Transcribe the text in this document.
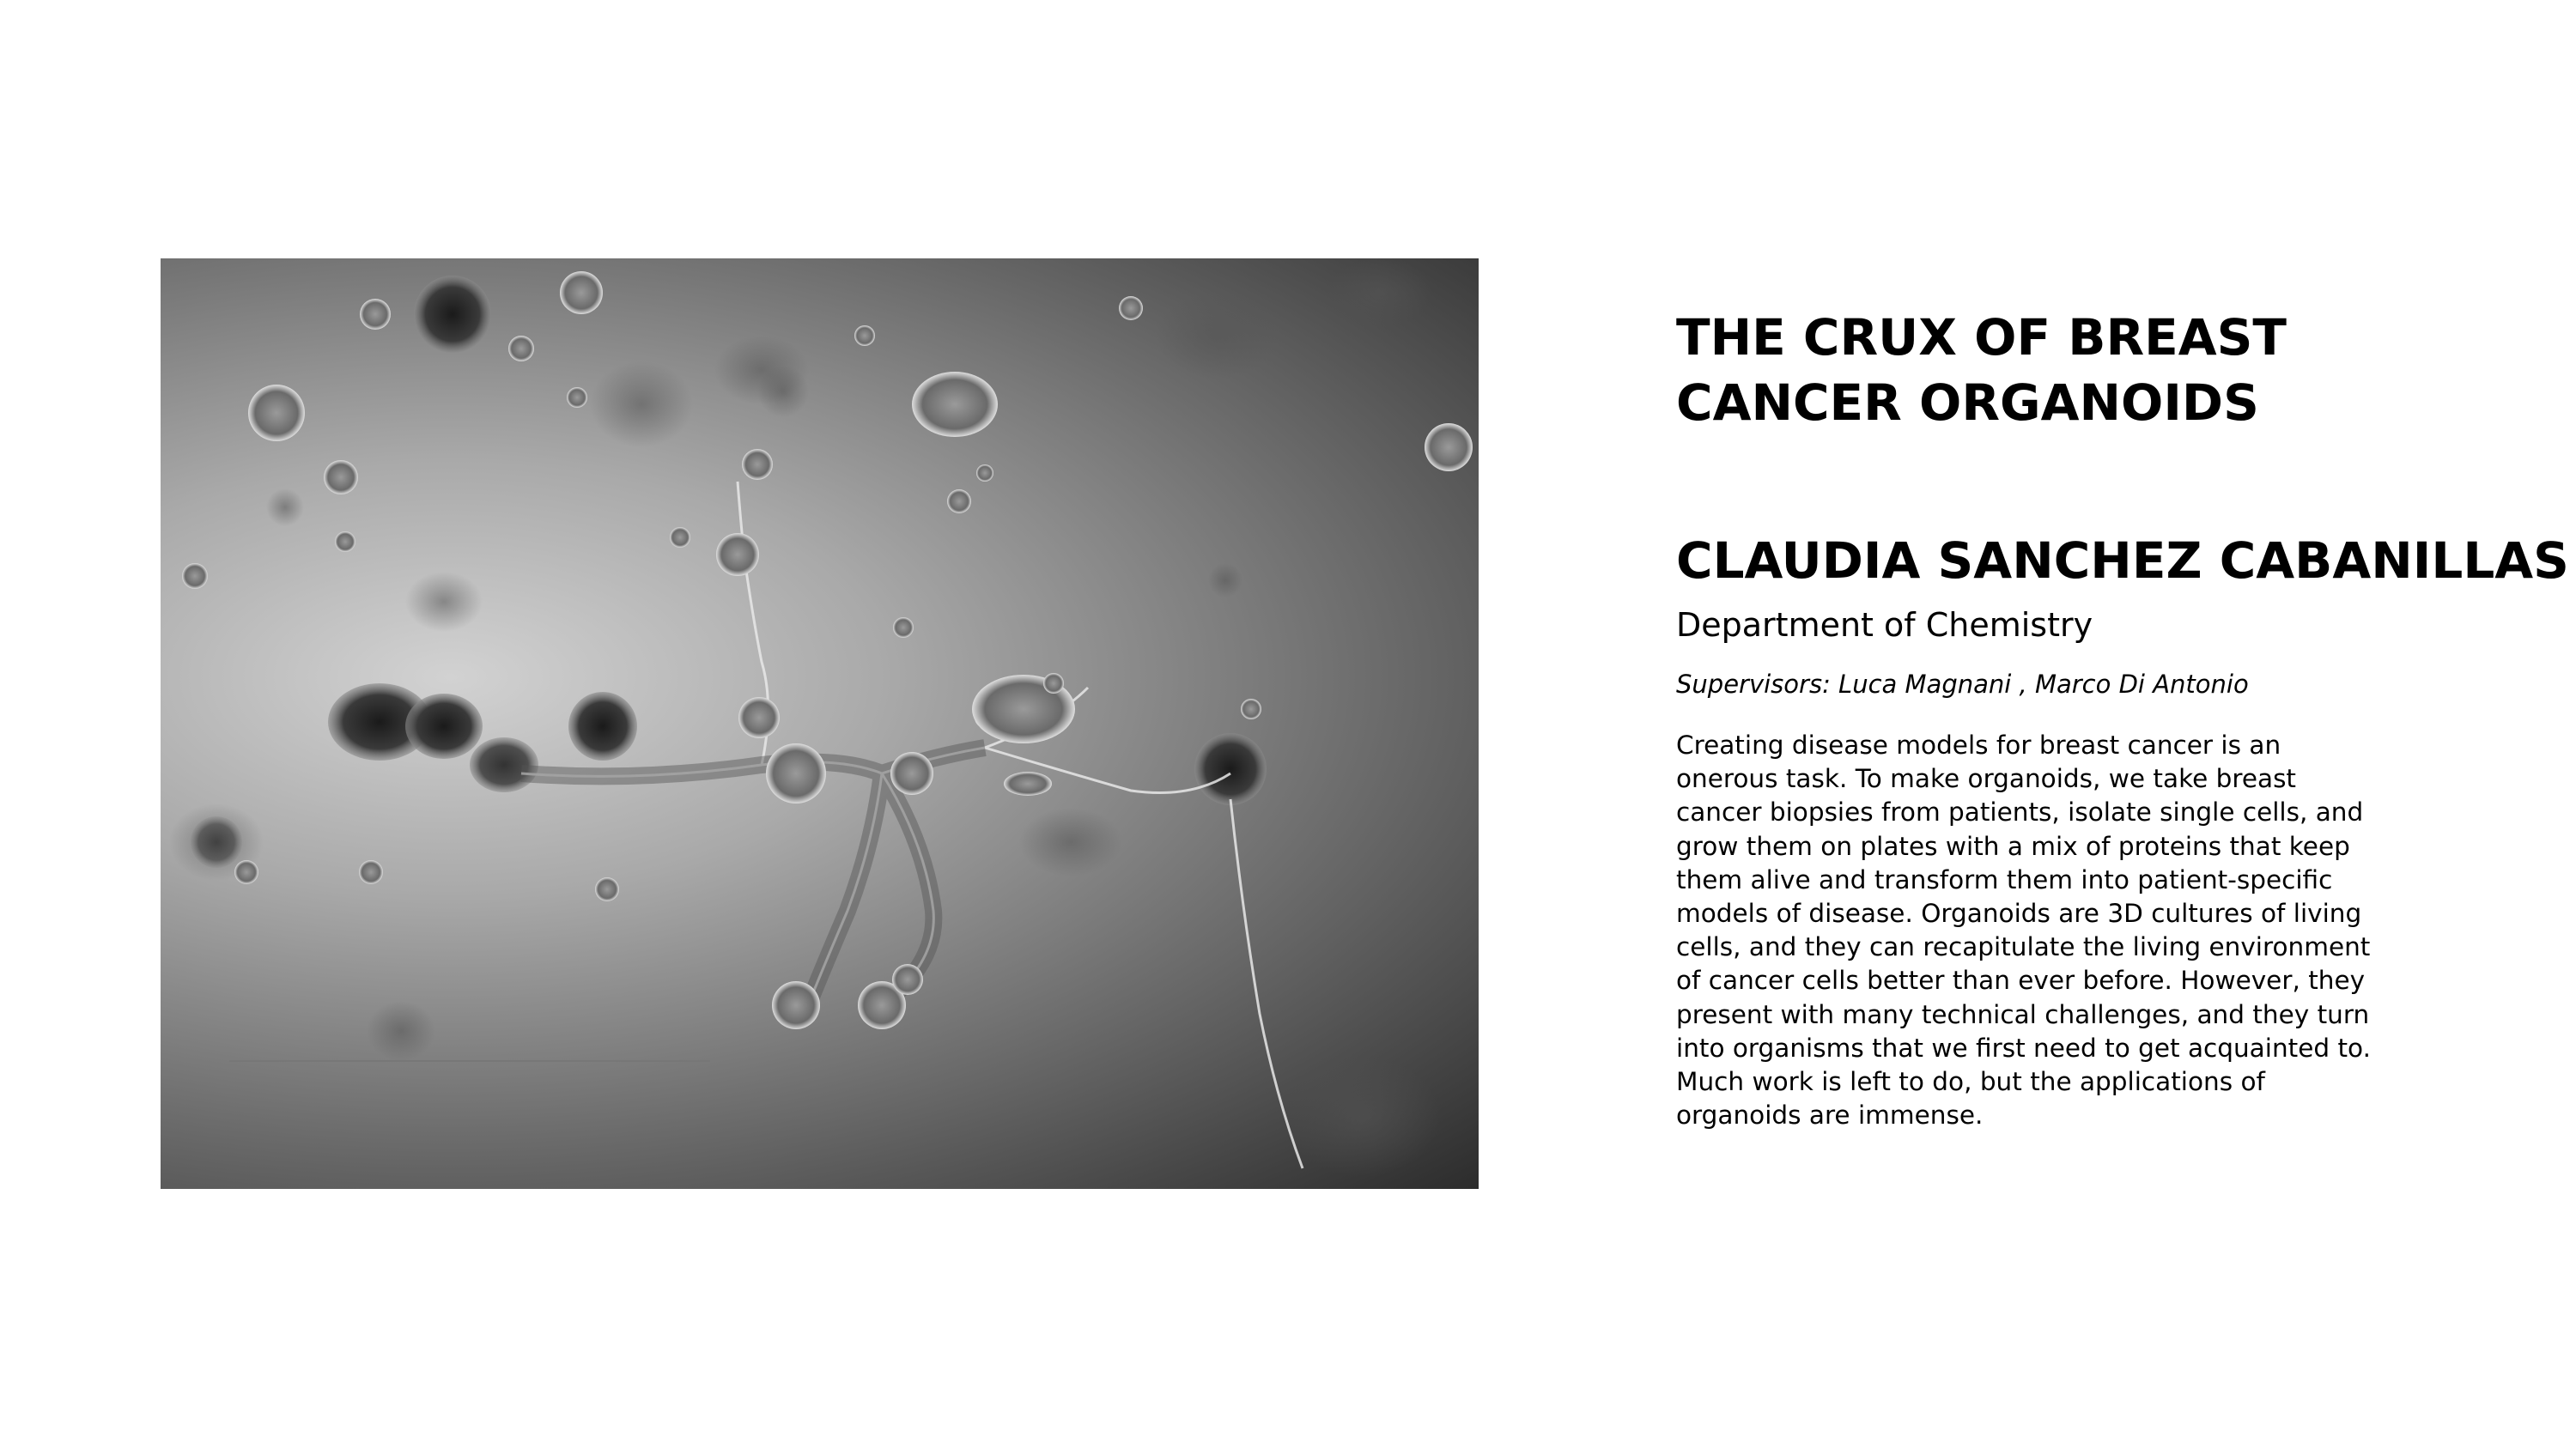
THE CRUX OF BREAST CANCER ORGANOIDS
CLAUDIA SANCHEZ CABANILLAS
Department of Chemistry
Supervisors: Luca Magnani , Marco Di Antonio

Creating disease models for breast cancer is an onerous task. To make organoids, we take breast cancer biopsies from patients, isolate single cells, and grow them on plates with a mix of proteins that keep them alive and transform them into patient-specific models of disease. Organoids are 3D cultures of living cells, and they can recapitulate the living environment of cancer cells better than ever before. However, they present with many technical challenges, and they turn into organisms that we first need to get acquainted to. Much work is left to do, but the applications of organoids are immense.
